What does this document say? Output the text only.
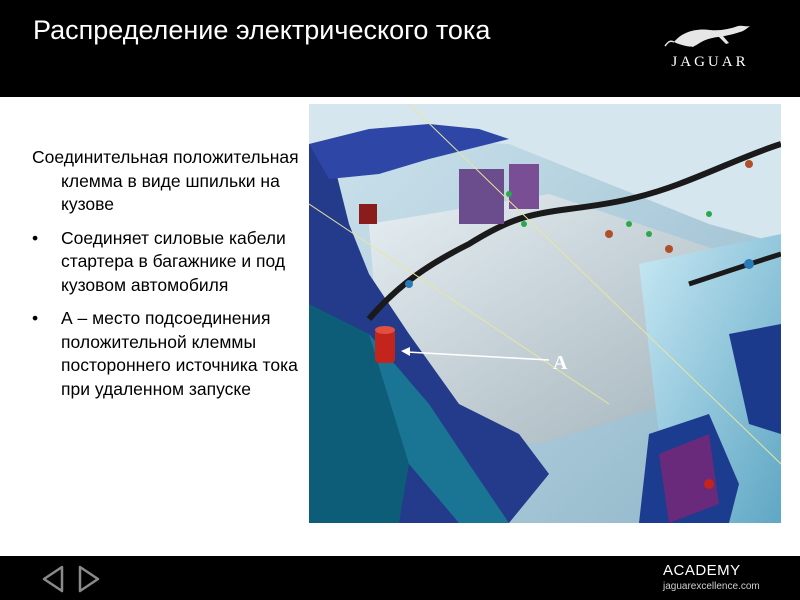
Распределение электрического тока
JAGUAR

Соединительная положительная клемма в виде шпильки на кузове

• Соединяет силовые кабели стартера в багажнике и под кузовом автомобиля
• А – место подсоединения положительной клеммы постороннего источника тока при удаленном запуске
A
ACADEMY
jaguarexcellence.com
